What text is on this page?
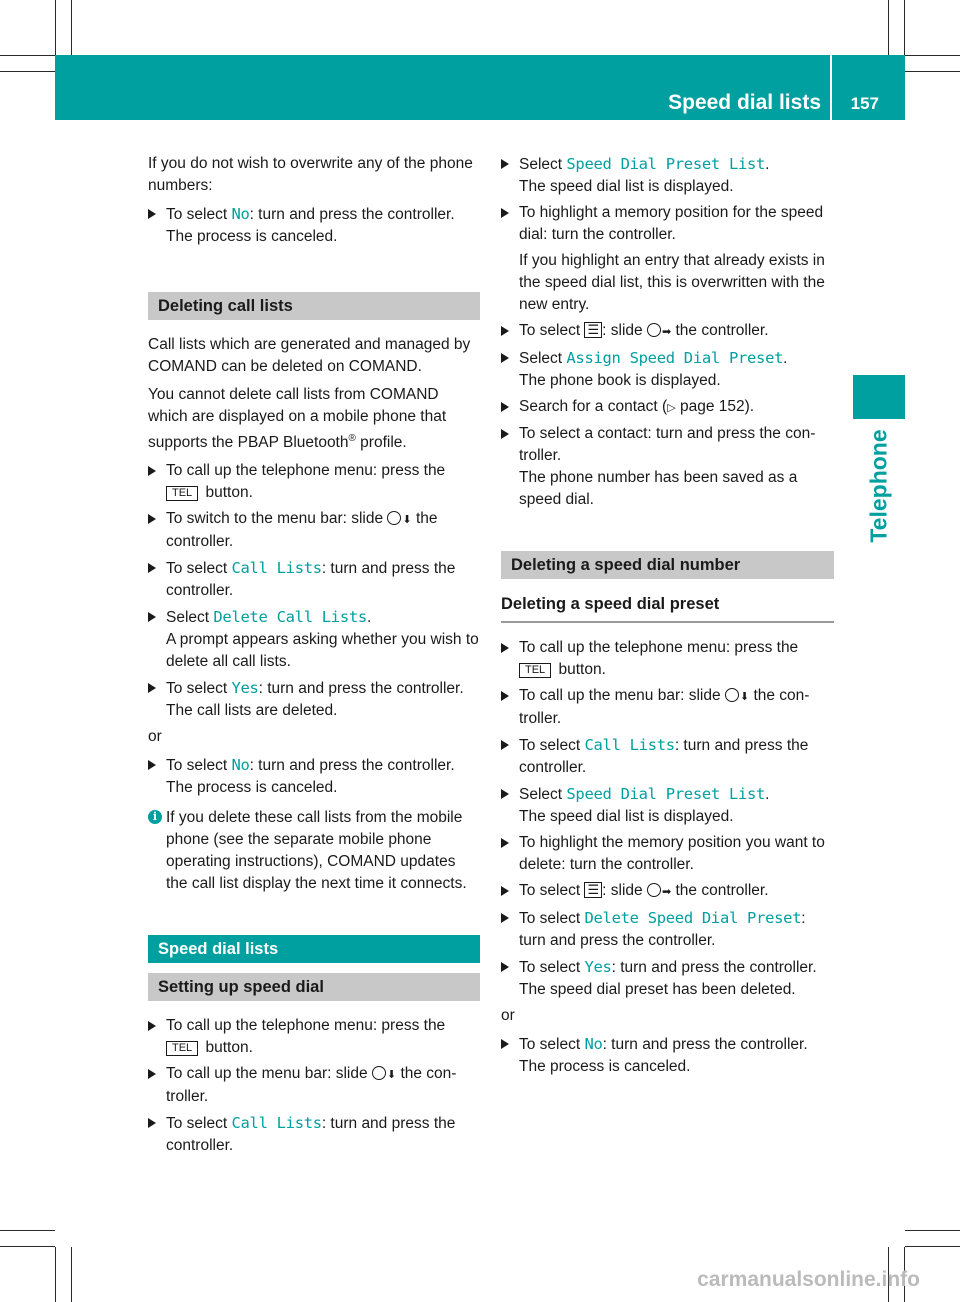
Speed dial lists 157
Telephone

If you do not wish to overwrite any of the phone numbers:

To select No: turn and press the controller.
The process is canceled.
Deleting call lists

Call lists which are generated and managed by COMAND can be deleted on COMAND.

You cannot delete call lists from COMAND which are displayed on a mobile phone that supports the PBAP Bluetooth® profile.

To call up the telephone menu: press the
TEL button.
To switch to the menu bar: slide ⬇ the controller.
To select Call Lists: turn and press the controller.
Select Delete Call Lists.
A prompt appears asking whether you wish to delete all call lists.
To select Yes: turn and press the controller.
The call lists are deleted.

or

To select No: turn and press the controller.
The process is canceled.
i If you delete these call lists from the mobile phone (see the separate mobile phone operating instructions), COMAND updates the call list display the next time it connects.
Speed dial lists
Setting up speed dial
To call up the telephone menu: press the
TEL button.
To call up the menu bar: slide ⬇ the con-troller.
To select Call Lists: turn and press the controller.
Select Speed Dial Preset List.
The speed dial list is displayed.
To highlight a memory position for the speed dial: turn the controller.

If you highlight an entry that already exists in the speed dial list, this is overwritten with the new entry.

To select ☰ : slide ➡ the controller.
Select Assign Speed Dial Preset.
The phone book is displayed.
Search for a contact (▷ page 152).
To select a contact: turn and press the con-troller.
The phone number has been saved as a speed dial.
Deleting a speed dial number
Deleting a speed dial preset
To call up the telephone menu: press the
TEL button.
To call up the menu bar: slide ⬇ the con-troller.
To select Call Lists: turn and press the controller.
Select Speed Dial Preset List.
The speed dial list is displayed.
To highlight the memory position you want to delete: turn the controller.
To select ☰ : slide ➡ the controller.
To select Delete Speed Dial Preset:
turn and press the controller.
To select Yes: turn and press the controller.
The speed dial preset has been deleted.

or

To select No: turn and press the controller.
The process is canceled.
carmanualsonline.info
